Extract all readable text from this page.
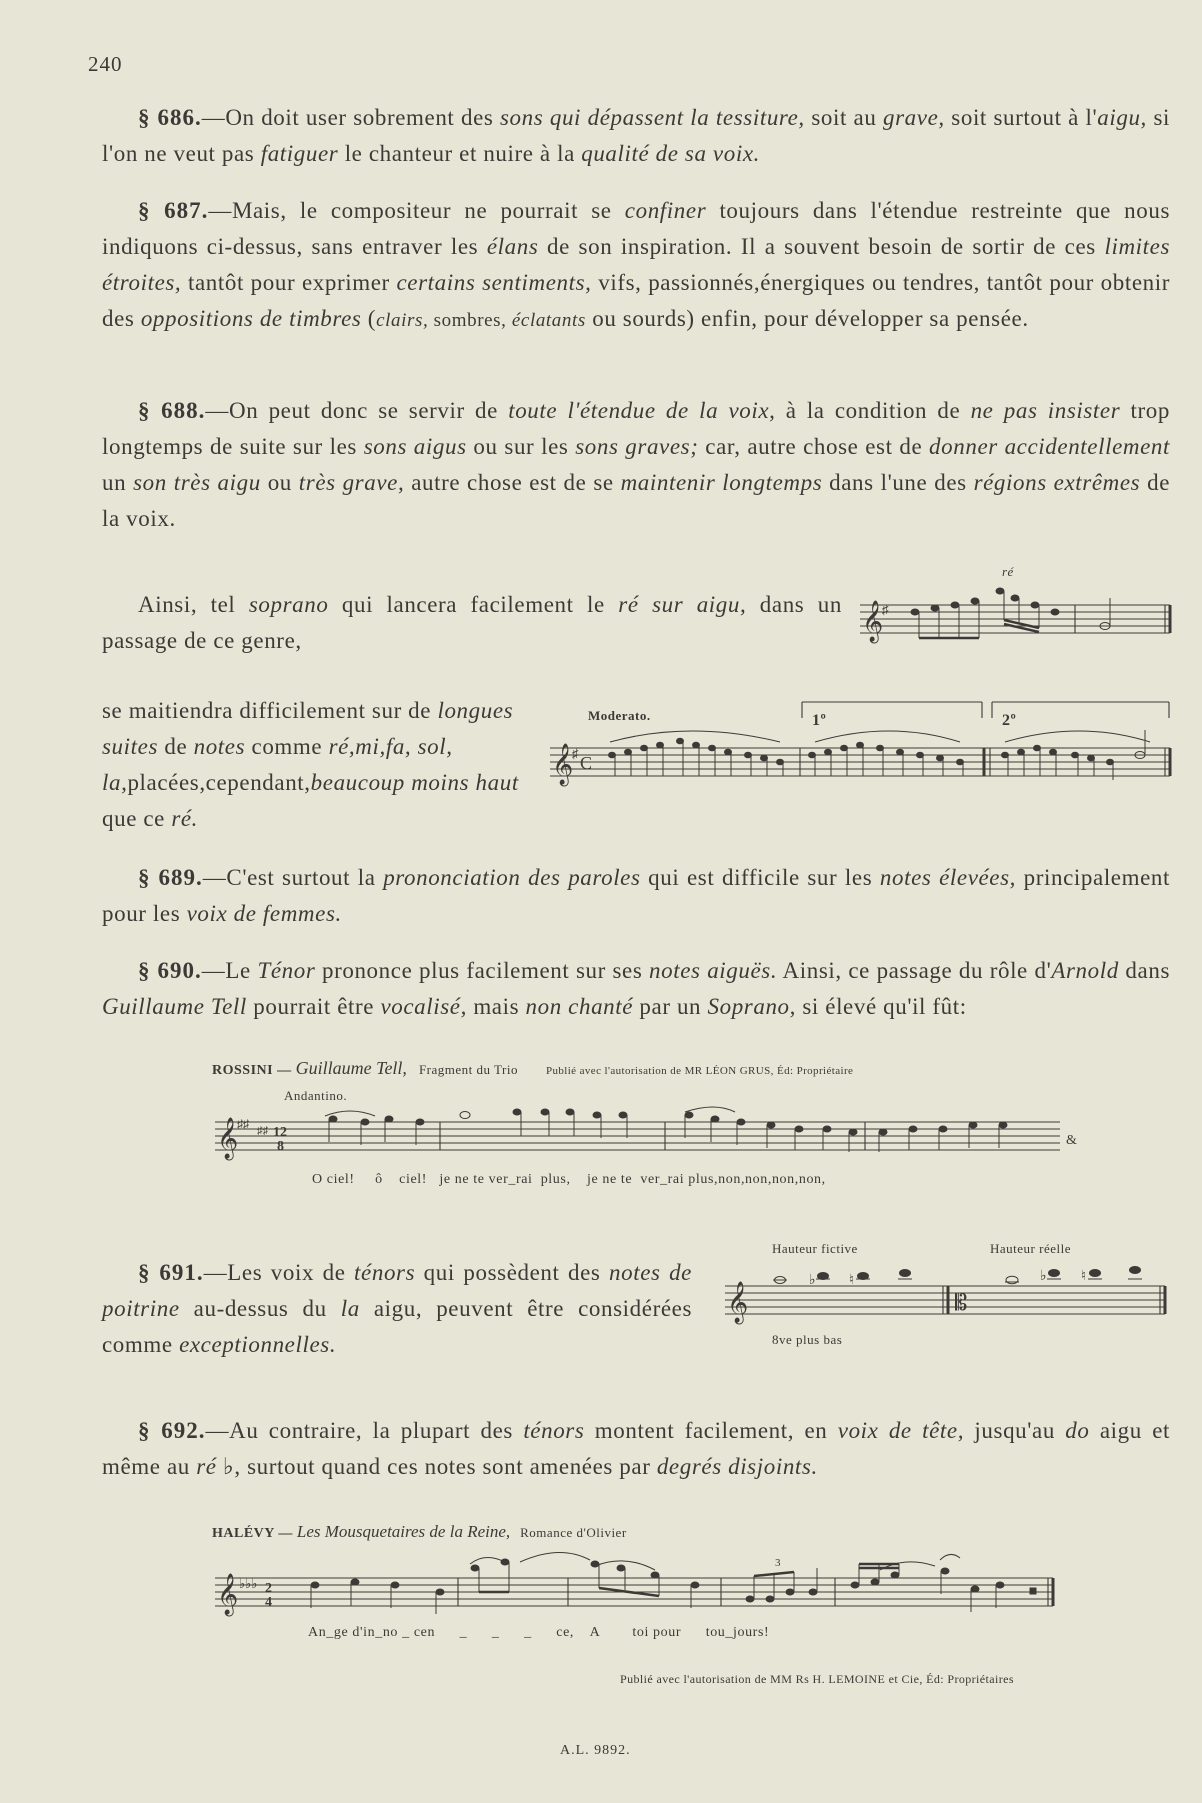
240
§ 686.—On doit user sobrement des sons qui dépassent la tessiture, soit au grave, soit surtout à l'aigu, si l'on ne veut pas fatiguer le chanteur et nuire à la qualité de sa voix.
§ 687.—Mais, le compositeur ne pourrait se confiner toujours dans l'étendue restreinte que nous indiquons ci-dessus, sans entraver les élans de son inspiration. Il a souvent besoin de sortir de ces limites étroites, tantôt pour exprimer certains sentiments, vifs, passionnés,énergiques ou tendres, tantôt pour obtenir des oppositions de timbres (clairs, sombres, éclatants ou sourds) enfin, pour développer sa pensée.
§ 688.—On peut donc se servir de toute l'étendue de la voix, à la condition de ne pas insister trop longtemps de suite sur les sons aigus ou sur les sons graves; car, autre chose est de donner accidentellement un son très aigu ou très grave, autre chose est de se maintenir longtemps dans l'une des régions extrêmes de la voix.
Ainsi, tel soprano qui lancera facilement le ré sur aigu, dans un passage de ce genre,
ré
𝄞
♯
se maitiendra difficilement sur de longues suites de notes comme ré,mi,fa, sol, la,placées,cependant,beaucoup moins haut que ce ré.
Moderato.	1º	2º
𝄞
♯ C
§ 689.—C'est surtout la prononciation des paroles qui est difficile sur les notes élevées, principalement pour les voix de femmes.
§ 690.—Le Ténor prononce plus facilement sur ses notes aiguës. Ainsi, ce passage du rôle d'Arnold dans Guillaume Tell pourrait être vocalisé, mais non chanté par un Soprano, si élevé qu'il fût:
ROSSINI — Guillaume Tell, Fragment du Trio	Publié avec l'autorisation de MR LÉON GRUS, Éd: Propriétaire
Andantino.
𝄞
♯♯ ♯♯ 12
8	&
O ciel!     ô    ciel!   je ne te ver_rai  plus,    je ne te  ver_rai plus,non,non,non,non,
§ 691.—Les voix de ténors qui possèdent des notes de poitrine au-dessus du la aigu, peuvent être considérées comme exceptionnelles.
Hauteur fictive	Hauteur réelle
𝄞	𝄡
♭ ♮	♭ ♮
8ve plus bas
§ 692.—Au contraire, la plupart des ténors montent facilement, en voix de tête, jusqu'au do aigu et même au ré ♭, surtout quand ces notes sont amenées par degrés disjoints.
HALÉVY — Les Mousquetaires de la Reine, Romance d'Olivier
𝄞 ♭♭♭ 2
4
3
An_ge d'in_no _ cen      _      _      _      ce,    A        toi pour      tou_jours!
Publié avec l'autorisation de MM Rs H. LEMOINE et Cie, Éd: Propriétaires
A.L. 9892.
